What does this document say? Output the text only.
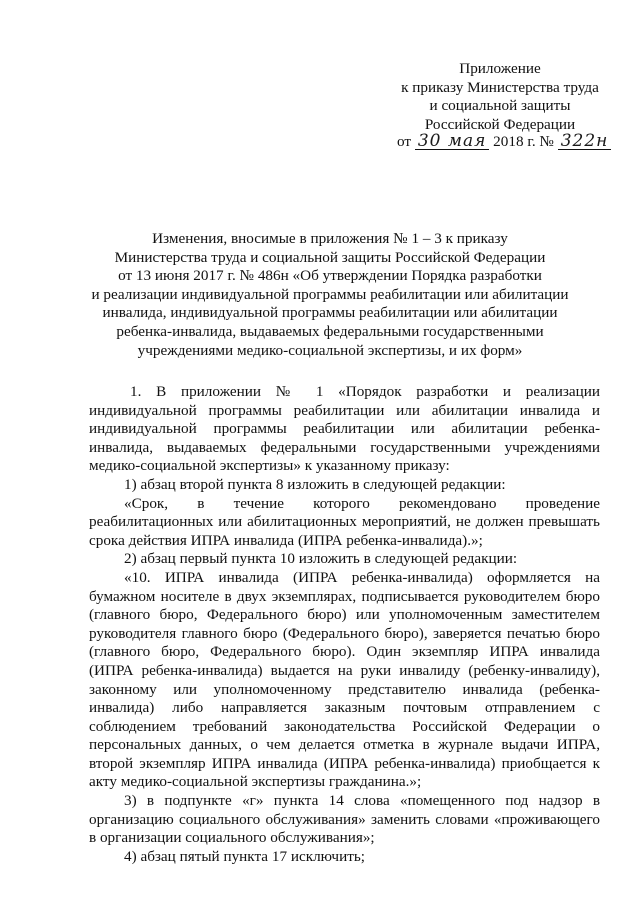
Приложение
к приказу Министерства труда
и социальной защиты
Российской Федерации
от 30 мая 2018 г. № 322н
Изменения, вносимые в приложения № 1 – 3 к приказу
Министерства труда и социальной защиты Российской Федерации
от 13 июня 2017 г. № 486н «Об утверждении Порядка разработки
и реализации индивидуальной программы реабилитации или абилитации
инвалида, индивидуальной программы реабилитации или абилитации
ребенка-инвалида, выдаваемых федеральными государственными
учреждениями медико-социальной экспертизы, и их форм»
1. В приложении № 1 «Порядок разработки и реализации
индивидуальной программы реабилитации или абилитации инвалида и
индивидуальной программы реабилитации или абилитации ребенка-
инвалида, выдаваемых федеральными государственными учреждениями
медико-социальной экспертизы» к указанному приказу:
1) абзац второй пункта 8 изложить в следующей редакции:
«Срок, в течение которого рекомендовано проведение
реабилитационных или абилитационных мероприятий, не должен превышать
срока действия ИПРА инвалида (ИПРА ребенка-инвалида).»;
2) абзац первый пункта 10 изложить в следующей редакции:
«10. ИПРА инвалида (ИПРА ребенка-инвалида) оформляется на
бумажном носителе в двух экземплярах, подписывается руководителем бюро
(главного бюро, Федерального бюро) или уполномоченным заместителем
руководителя главного бюро (Федерального бюро), заверяется печатью бюро
(главного бюро, Федерального бюро). Один экземпляр ИПРА инвалида
(ИПРА ребенка-инвалида) выдается на руки инвалиду (ребенку-инвалиду),
законному или уполномоченному представителю инвалида (ребенка-
инвалида) либо направляется заказным почтовым отправлением с
соблюдением требований законодательства Российской Федерации о
персональных данных, о чем делается отметка в журнале выдачи ИПРА,
второй экземпляр ИПРА инвалида (ИПРА ребенка-инвалида) приобщается к
акту медико-социальной экспертизы гражданина.»;
3) в подпункте «г» пункта 14 слова «помещенного под надзор в
организацию социального обслуживания» заменить словами «проживающего
в организации социального обслуживания»;
4) абзац пятый пункта 17 исключить;
